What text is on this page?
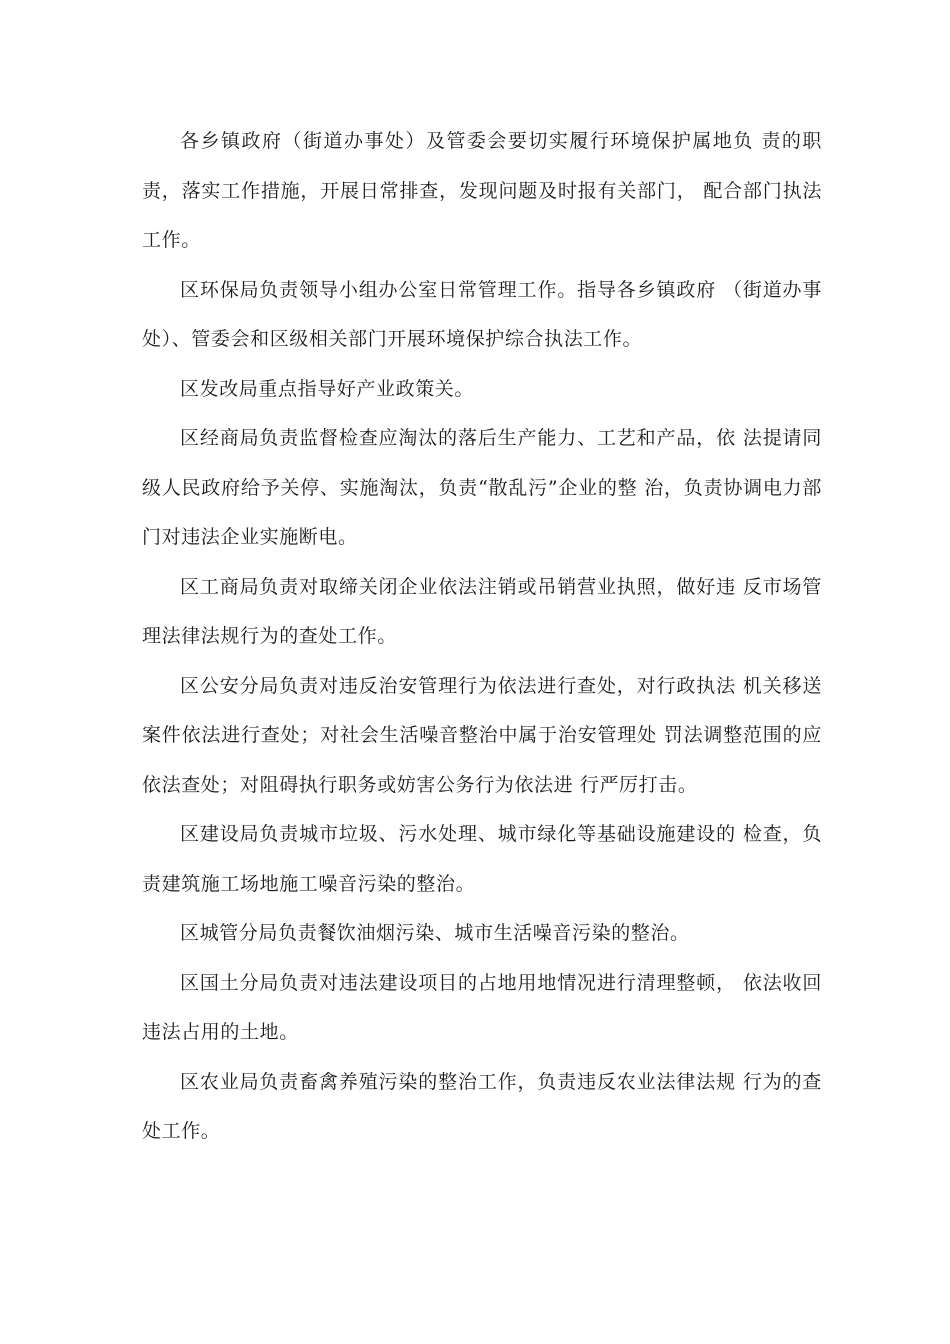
各乡镇政府（街道办事处）及管委会要切实履行环境保护属地负 责的职责，落实工作措施，开展日常排查，发现问题及时报有关部门， 配合部门执法工作。

区环保局负责领导小组办公室日常管理工作。指导各乡镇政府 （街道办事处）、管委会和区级相关部门开展环境保护综合执法工作。

区发改局重点指导好产业政策关。

区经商局负责监督检查应淘汰的落后生产能力、工艺和产品，依 法提请同级人民政府给予关停、实施淘汰，负责“散乱污”企业的整 治，负责协调电力部门对违法企业实施断电。

区工商局负责对取缔关闭企业依法注销或吊销营业执照，做好违 反市场管理法律法规行为的查处工作。

区公安分局负责对违反治安管理行为依法进行查处，对行政执法 机关移送案件依法进行查处；对社会生活噪音整治中属于治安管理处 罚法调整范围的应依法查处；对阻碍执行职务或妨害公务行为依法进 行严厉打击。

区建设局负责城市垃圾、污水处理、城市绿化等基础设施建设的 检查，负责建筑施工场地施工噪音污染的整治。

区城管分局负责餐饮油烟污染、城市生活噪音污染的整治。

区国土分局负责对违法建设项目的占地用地情况进行清理整顿， 依法收回违法占用的土地。

区农业局负责畜禽养殖污染的整治工作，负责违反农业法律法规 行为的查处工作。
